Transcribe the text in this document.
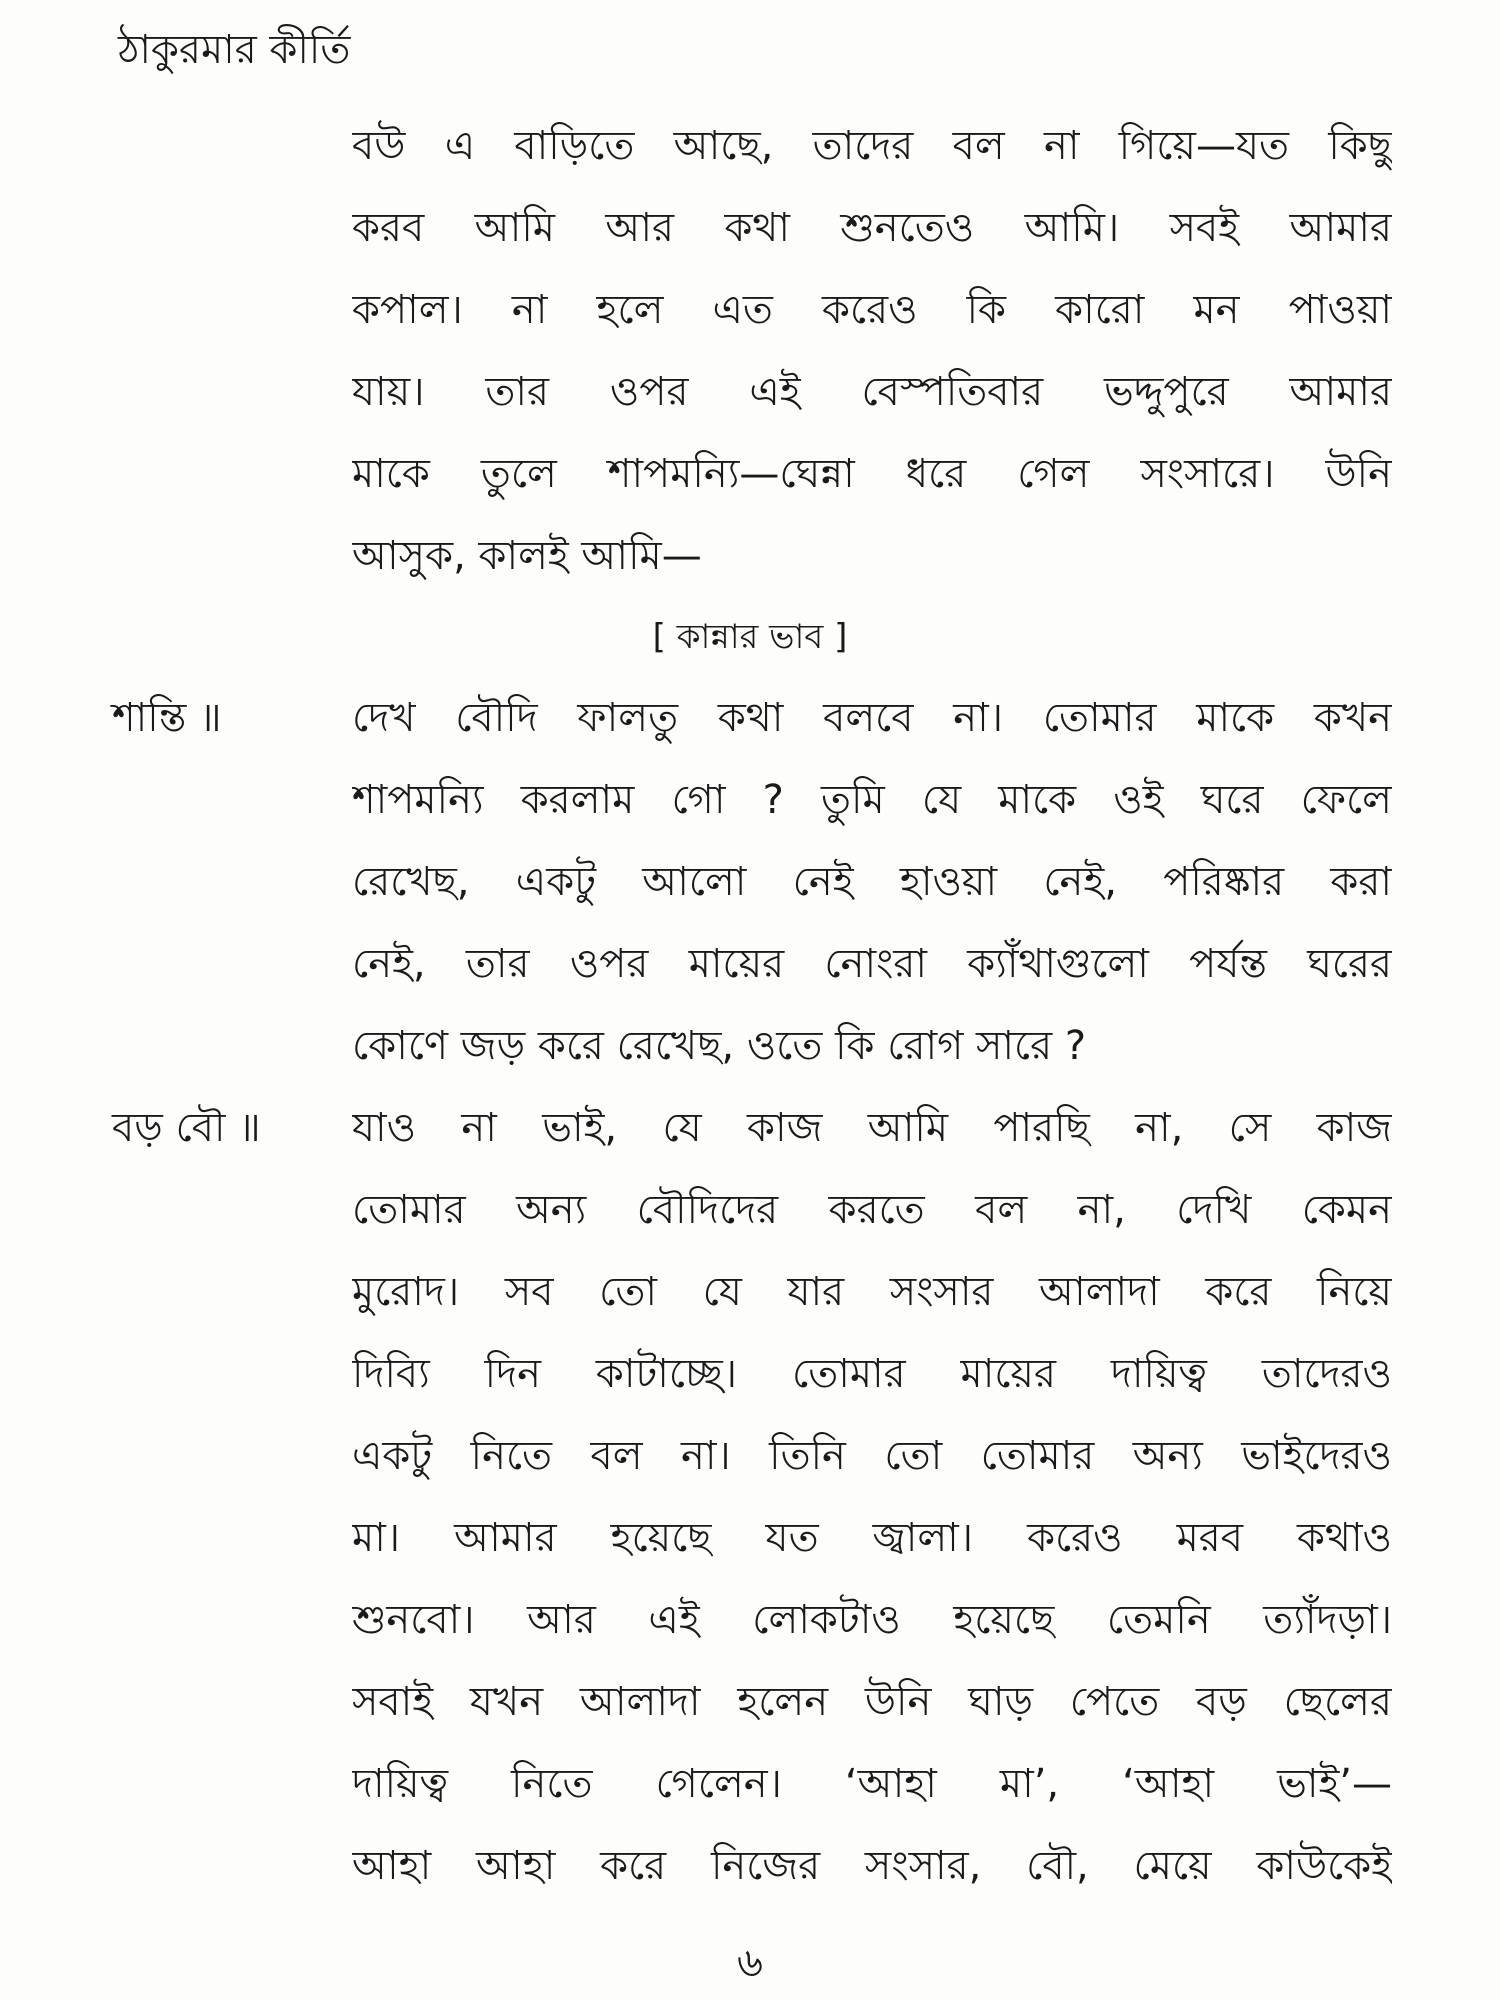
ঠাকুরমার কীর্তি
বউ এ বাড়িতে আছে, তাদের বল না গিয়ে—যত কিছু
করব আমি আর কথা শুনতেও আমি। সবই আমার
কপাল। না হলে এত করেও কি কারো মন পাওয়া
যায়। তার ওপর এই বেস্পতিবার ভদ্দুপুরে আমার
মাকে তুলে শাপমন্যি—ঘেন্না ধরে গেল সংসারে। উনি
আসুক, কালই আমি—
[ কান্নার ভাব ]
শান্তি ॥	দেখ বৌদি ফালতু কথা বলবে না। তোমার মাকে কখন
শাপমন্যি করলাম গো ? তুমি যে মাকে ওই ঘরে ফেলে
রেখেছ, একটু আলো নেই হাওয়া নেই, পরিষ্কার করা
নেই, তার ওপর মায়ের নোংরা ক্যাঁথাগুলো পর্যন্ত ঘরের
কোণে জড় করে রেখেছ, ওতে কি রোগ সারে ?
বড় বৌ ॥ যাও না ভাই, যে কাজ আমি পারছি না, সে কাজ
তোমার অন্য বৌদিদের করতে বল না, দেখি কেমন
মুরোদ। সব তো যে যার সংসার আলাদা করে নিয়ে
দিব্যি দিন কাটাচ্ছে। তোমার মায়ের দায়িত্ব তাদেরও
একটু নিতে বল না। তিনি তো তোমার অন্য ভাইদেরও
মা। আমার হয়েছে যত জ্বালা। করেও মরব কথাও
শুনবো। আর এই লোকটাও হয়েছে তেমনি ত্যাঁদড়া।
সবাই যখন আলাদা হলেন উনি ঘাড় পেতে বড় ছেলের
দায়িত্ব নিতে গেলেন। ‘আহা মা’, ‘আহা ভাই’—
আহা আহা করে নিজের সংসার, বৌ, মেয়ে কাউকেই
৬
